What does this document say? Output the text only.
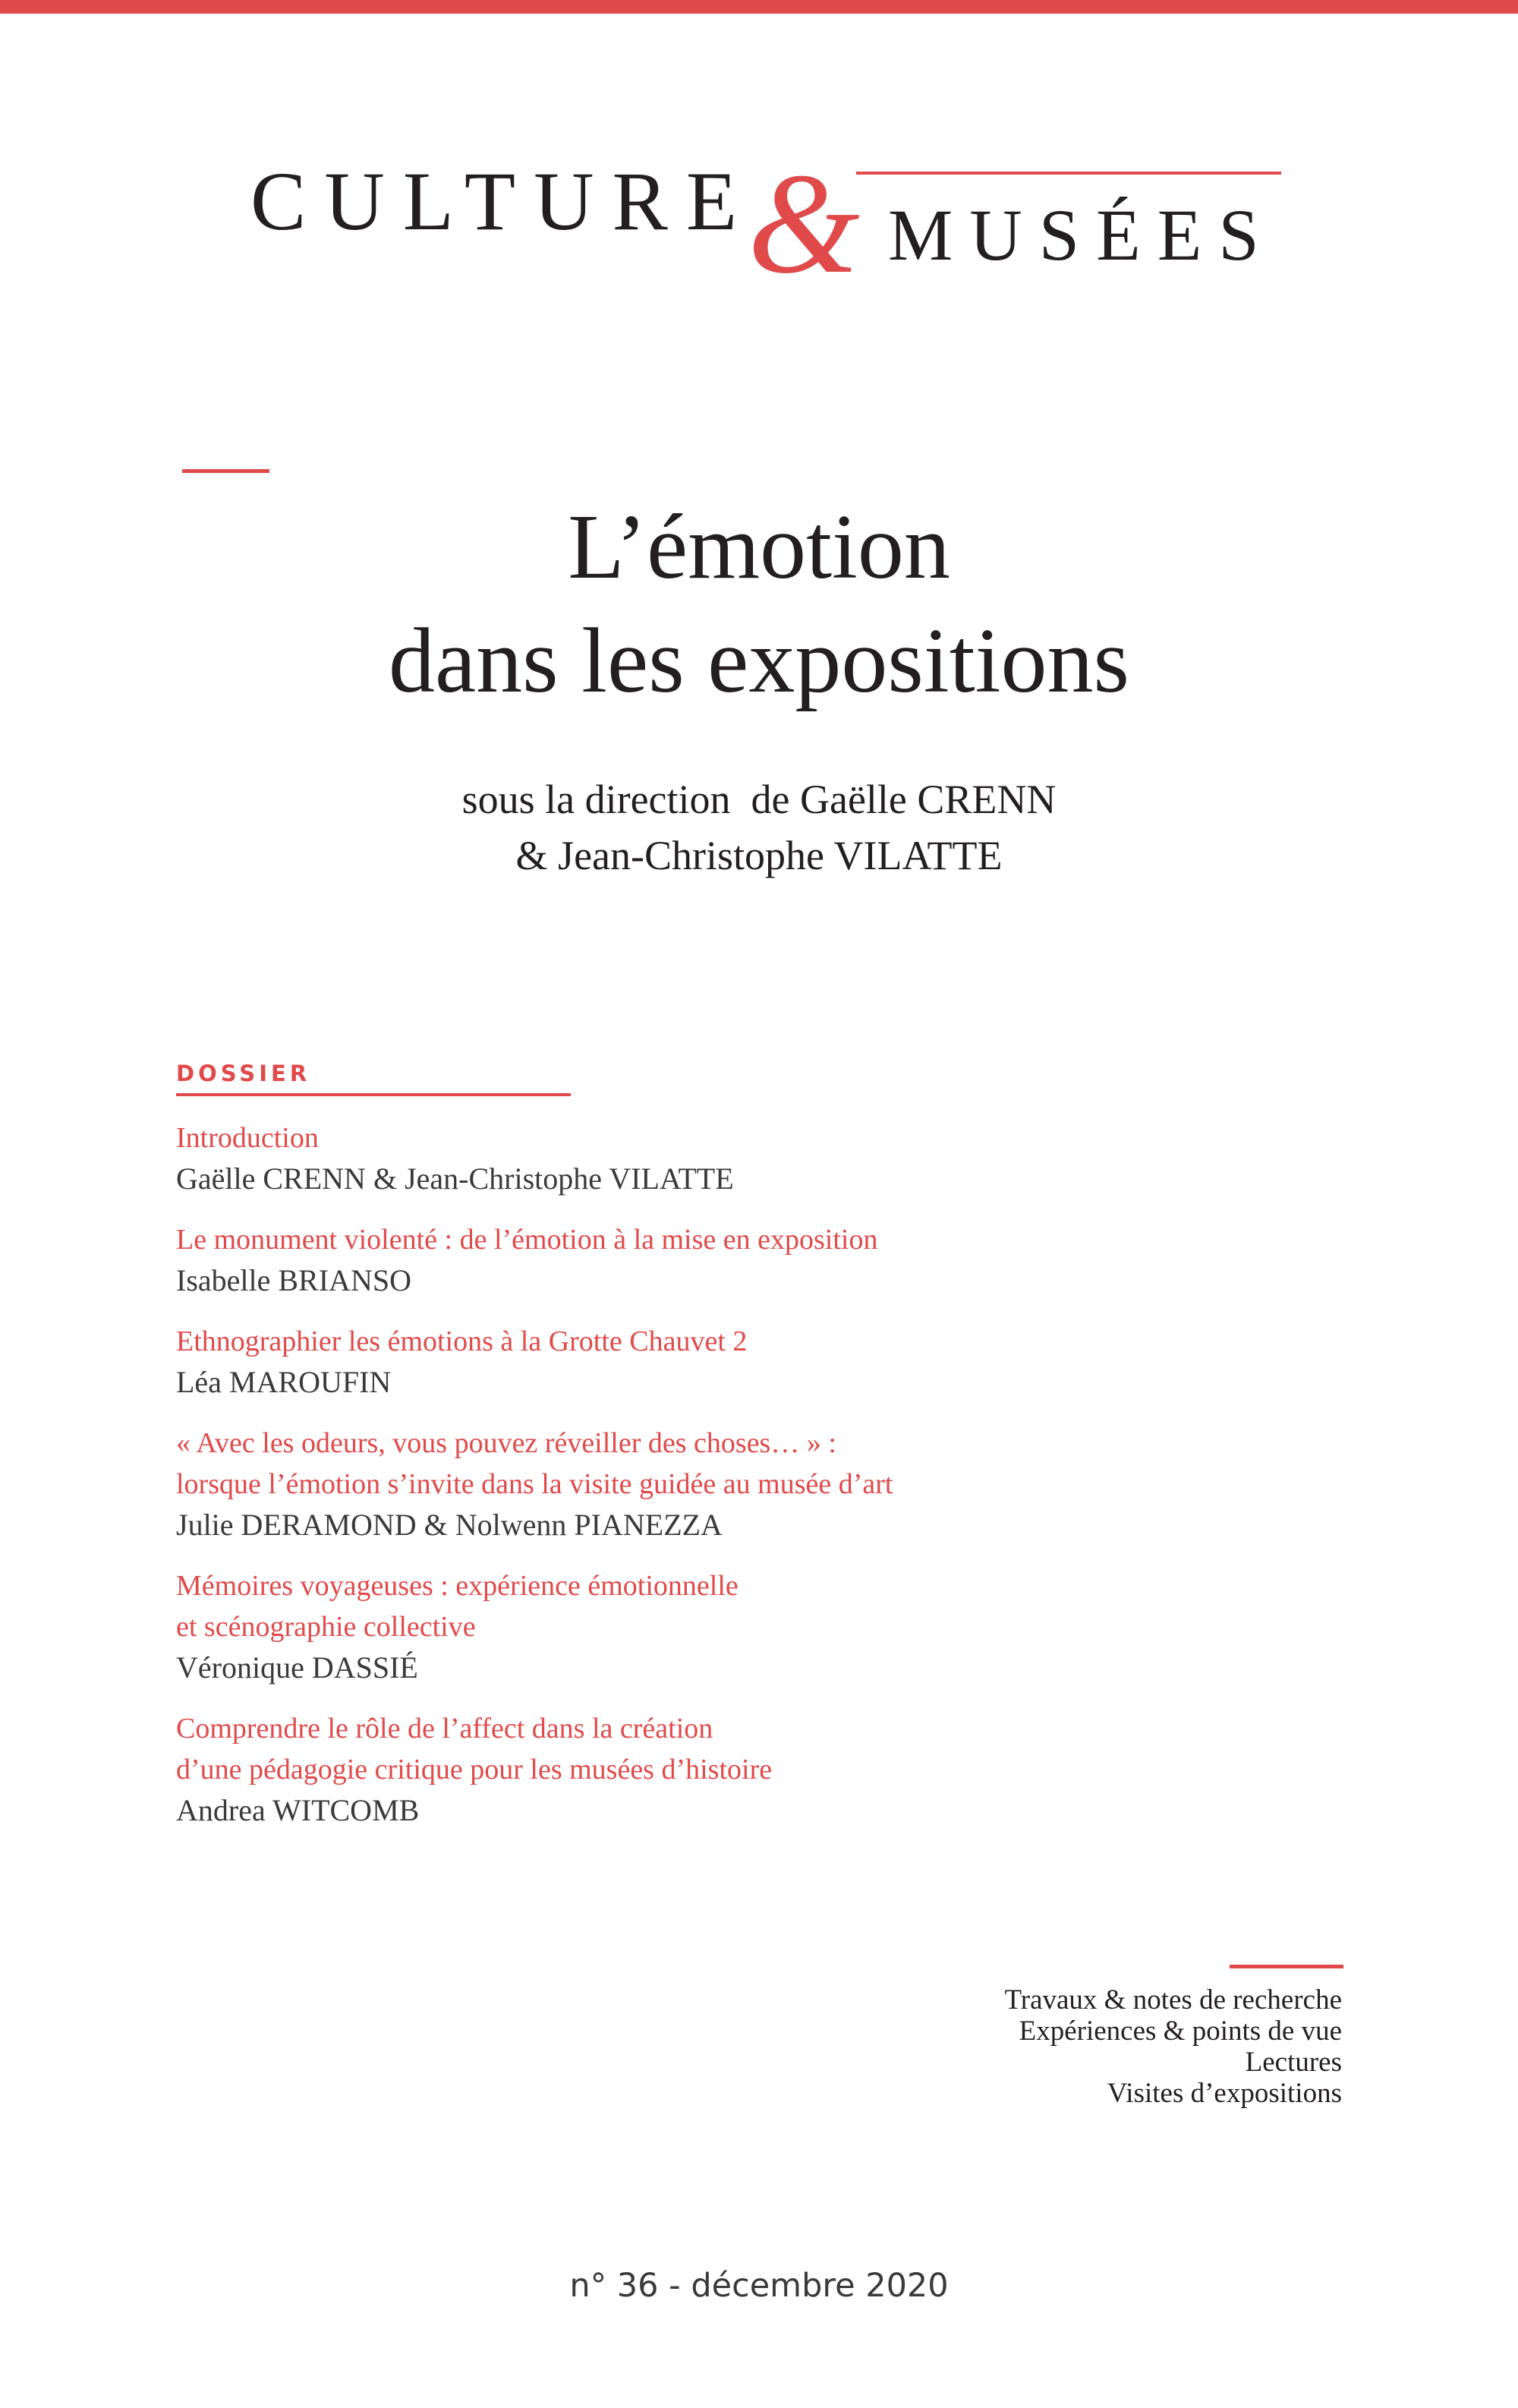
CULTURE
& MUSÉES
L’émotion
dans les expositions
sous la direction  de Gaëlle CRENN
& Jean-Christophe VILATTE
DOSSIER
Introduction
Gaëlle CRENN & Jean-Christophe VILATTE
Le monument violenté : de l’émotion à la mise en exposition
Isabelle BRIANSO
Ethnographier les émotions à la Grotte Chauvet 2
Léa MAROUFIN
« Avec les odeurs, vous pouvez réveiller des choses… » :
lorsque l’émotion s’invite dans la visite guidée au musée d’art
Julie DERAMOND & Nolwenn PIANEZZA
Mémoires voyageuses : expérience émotionnelle
et scénographie collective
Véronique DASSIÉ
Comprendre le rôle de l’affect dans la création
d’une pédagogie critique pour les musées d’histoire
Andrea WITCOMB
Travaux & notes de recherche
Expériences & points de vue
Lectures
Visites d’expositions
n° 36 - décembre 2020
